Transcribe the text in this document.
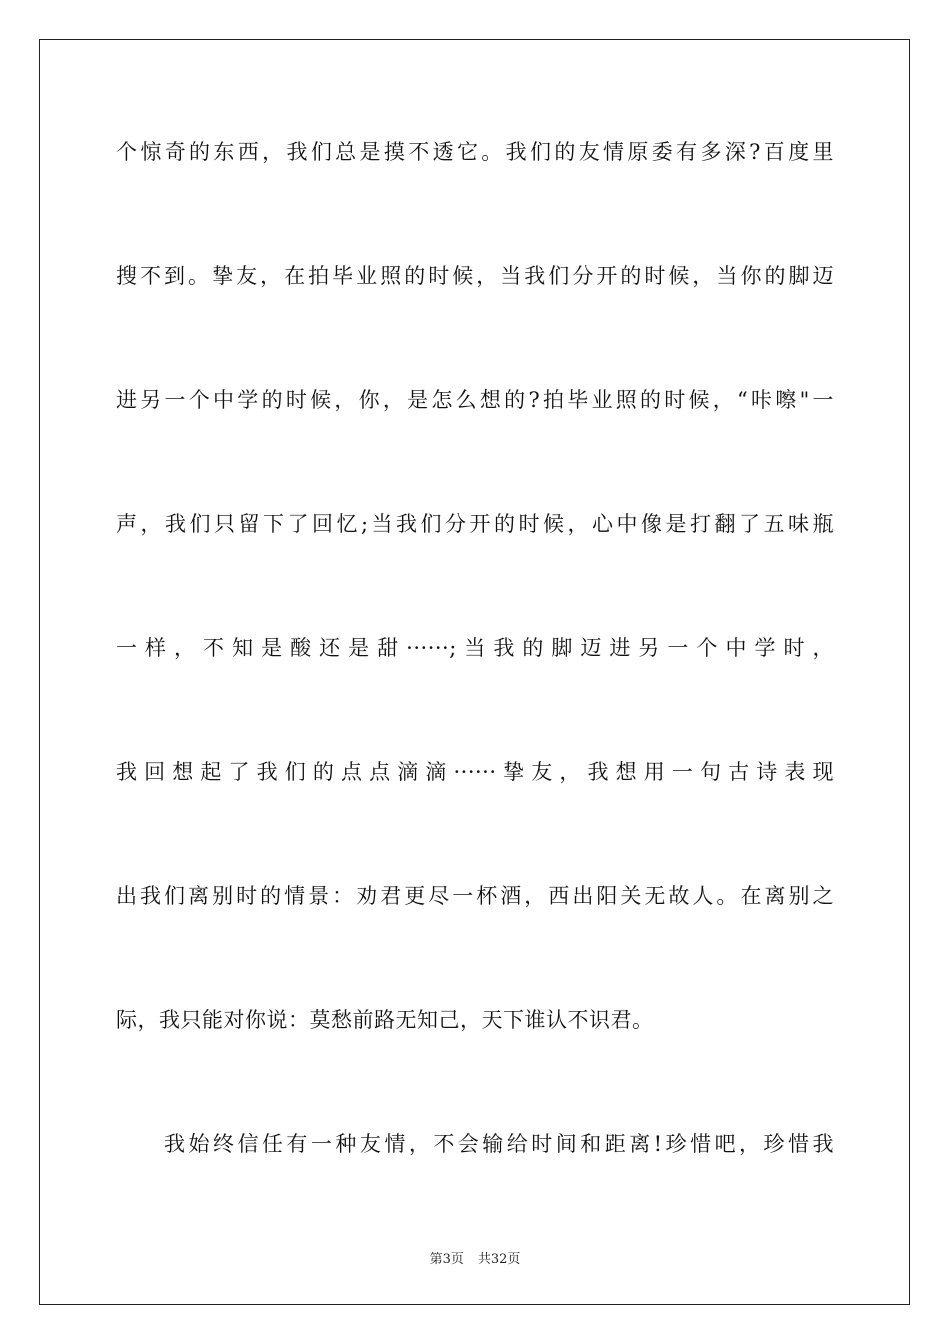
个惊奇的东西，我们总是摸不透它。我们的友情原委有多深?百度里
搜不到。挚友，在拍毕业照的时候，当我们分开的时候，当你的脚迈
进另一个中学的时候，你，是怎么想的?拍毕业照的时候，“咔嚓"一
声，我们只留下了回忆;当我们分开的时候，心中像是打翻了五味瓶
一样，不知是酸还是甜······;当我的脚迈进另一个中学时，
我回想起了我们的点点滴滴······挚友，我想用一句古诗表现
出我们离别时的情景：劝君更尽一杯酒，西出阳关无故人。在离别之
际，我只能对你说：莫愁前路无知己，天下谁认不识君。
我始终信任有一种友情，不会输给时间和距离!珍惜吧，珍惜我
第3页 共32页
